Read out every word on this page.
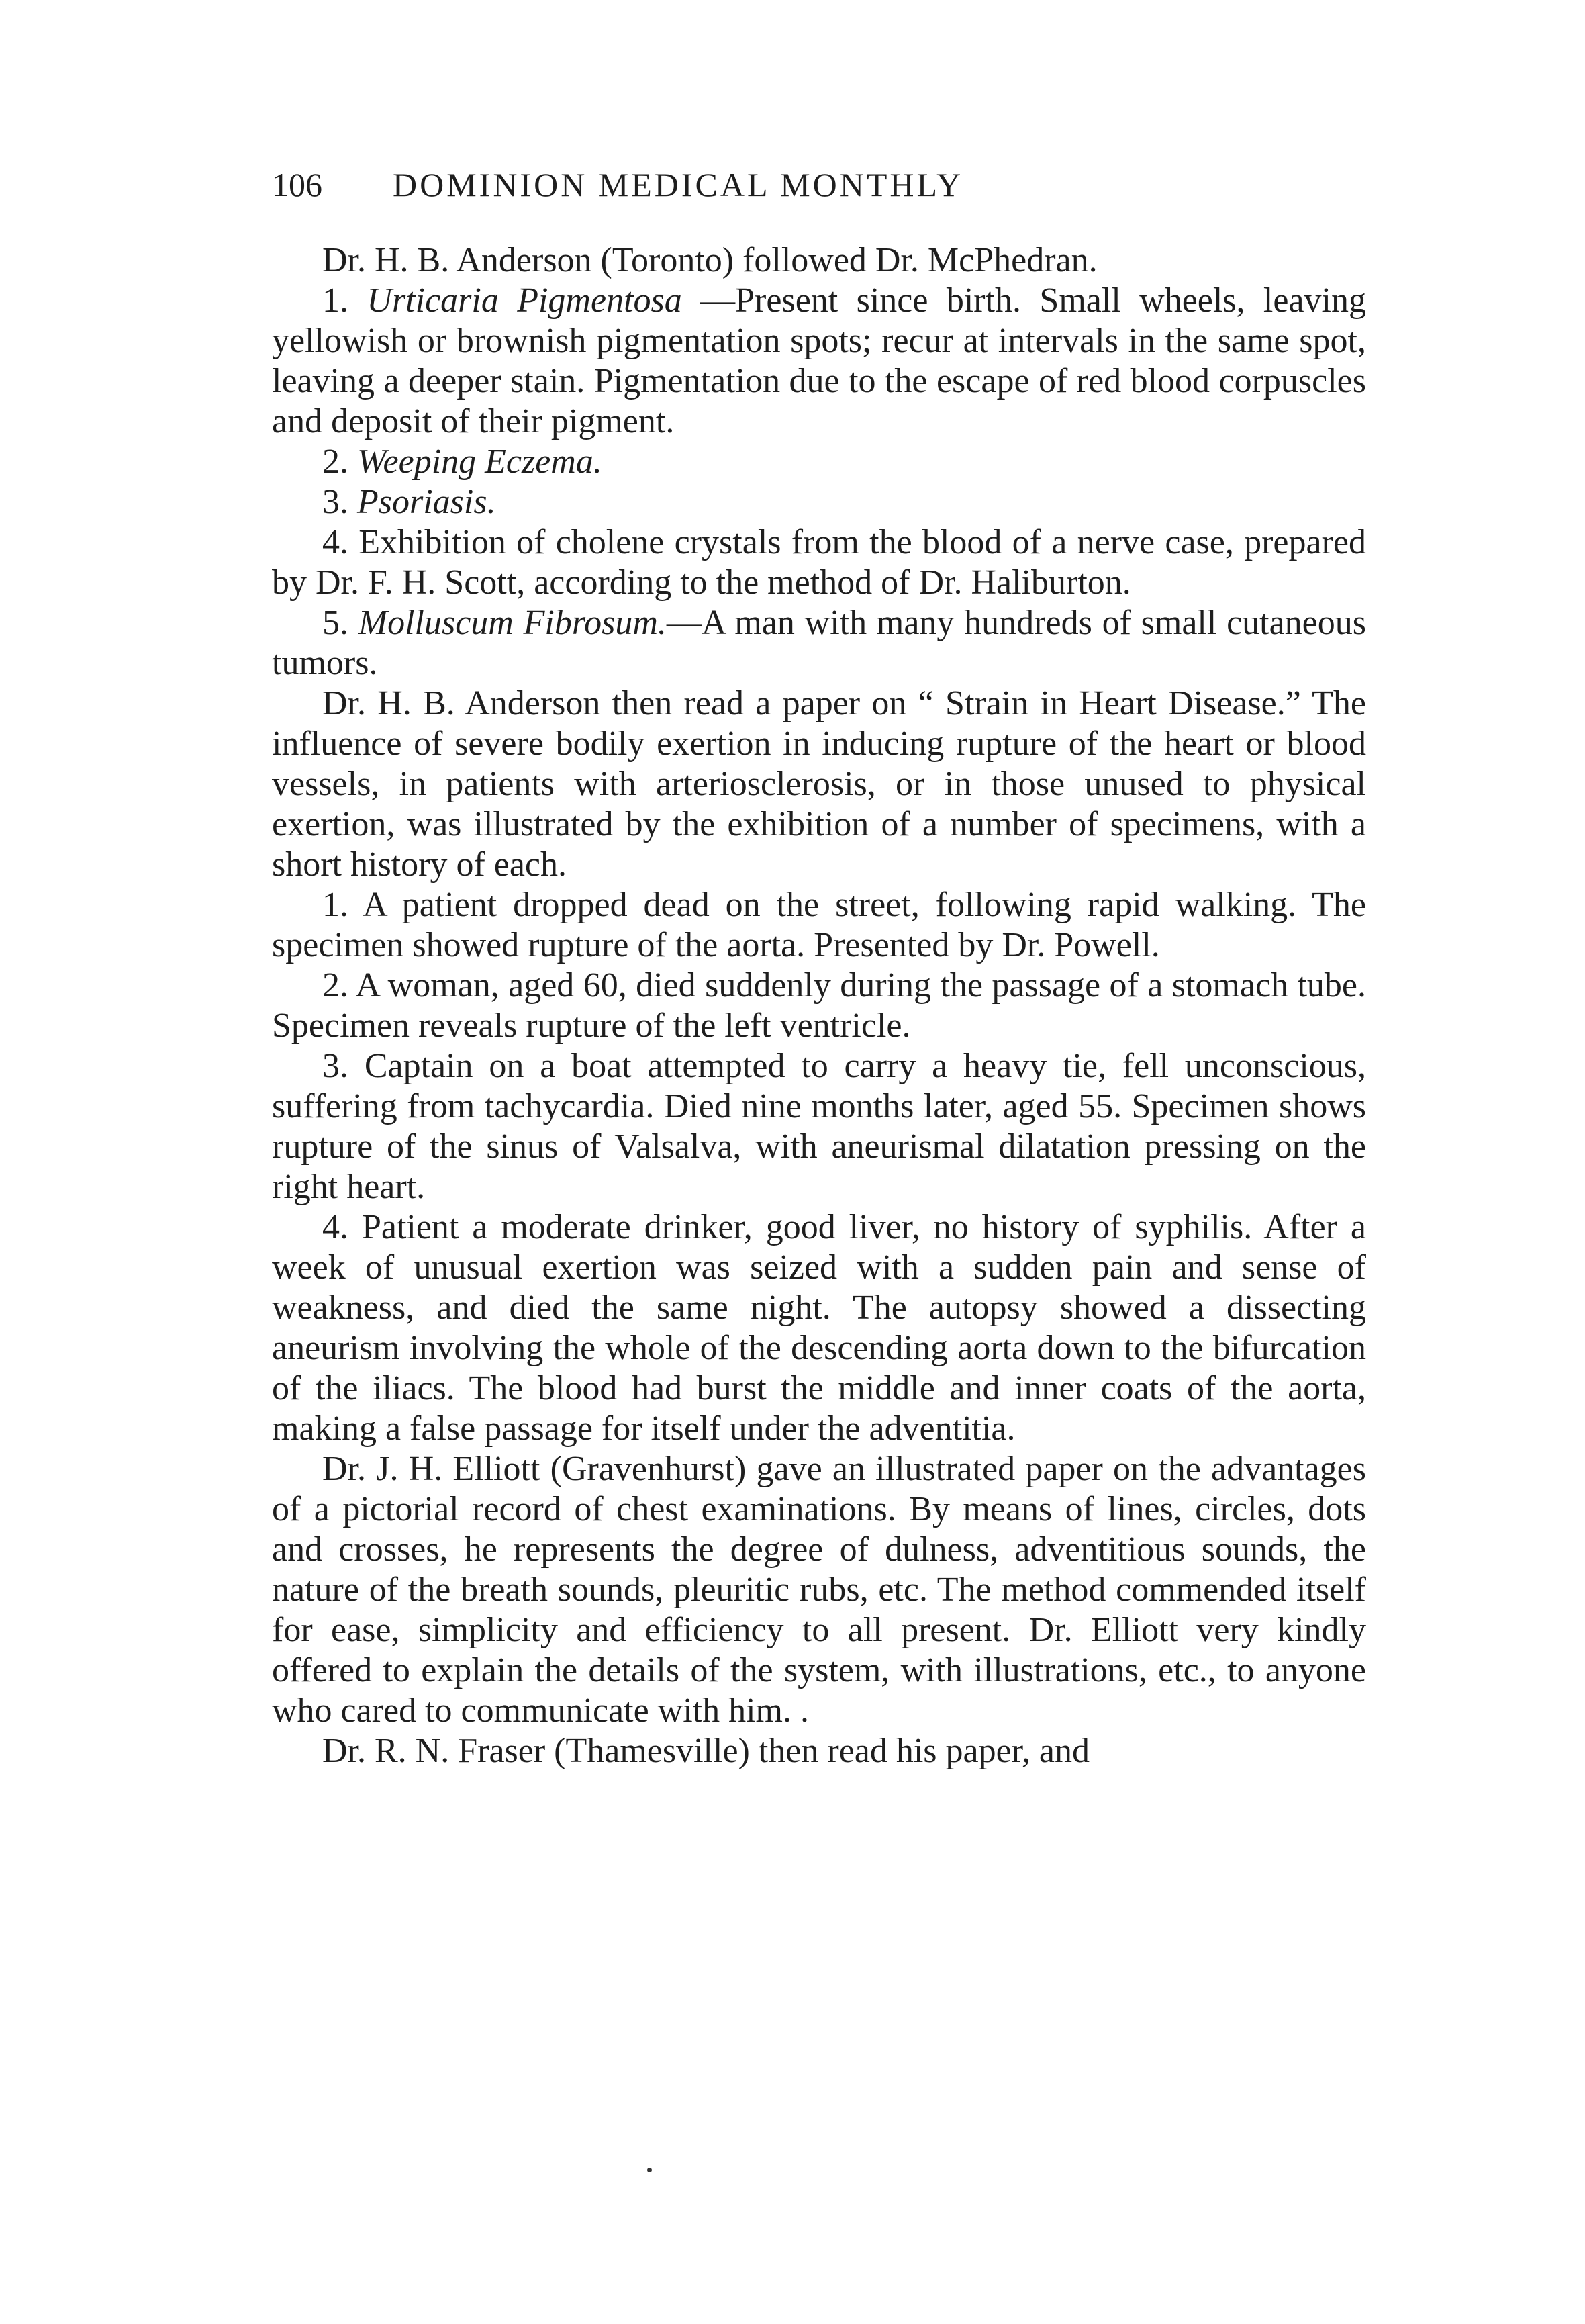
106 DOMINION MEDICAL MONTHLY

Dr. H. B. Anderson (Toronto) followed Dr. McPhedran.

1. Urticaria Pigmentosa —Present since birth. Small wheels, leaving yellowish or brownish pigmentation spots; recur at intervals in the same spot, leaving a deeper stain. Pigmentation due to the escape of red blood corpuscles and deposit of their pigment.

2. Weeping Eczema.

3. Psoriasis.

4. Exhibition of cholene crystals from the blood of a nerve case, prepared by Dr. F. H. Scott, according to the method of Dr. Haliburton.

5. Molluscum Fibrosum.—A man with many hundreds of small cutaneous tumors.

Dr. H. B. Anderson then read a paper on “ Strain in Heart Disease.” The influence of severe bodily exertion in inducing rupture of the heart or blood vessels, in patients with arteriosclerosis, or in those unused to physical exertion, was illustrated by the exhibition of a number of specimens, with a short history of each.

1. A patient dropped dead on the street, following rapid walking. The specimen showed rupture of the aorta. Presented by Dr. Powell.

2. A woman, aged 60, died suddenly during the passage of a stomach tube. Specimen reveals rupture of the left ventricle.

3. Captain on a boat attempted to carry a heavy tie, fell unconscious, suffering from tachycardia. Died nine months later, aged 55. Specimen shows rupture of the sinus of Valsalva, with aneurismal dilatation pressing on the right heart.

4. Patient a moderate drinker, good liver, no history of syphilis. After a week of unusual exertion was seized with a sudden pain and sense of weakness, and died the same night. The autopsy showed a dissecting aneurism involving the whole of the descending aorta down to the bifurcation of the iliacs. The blood had burst the middle and inner coats of the aorta, making a false passage for itself under the adventitia.

Dr. J. H. Elliott (Gravenhurst) gave an illustrated paper on the advantages of a pictorial record of chest examinations. By means of lines, circles, dots and crosses, he represents the degree of dulness, adventitious sounds, the nature of the breath sounds, pleuritic rubs, etc. The method commended itself for ease, simplicity and efficiency to all present. Dr. Elliott very kindly offered to explain the details of the system, with illustrations, etc., to anyone who cared to communicate with him. .

Dr. R. N. Fraser (Thamesville) then read his paper, and
